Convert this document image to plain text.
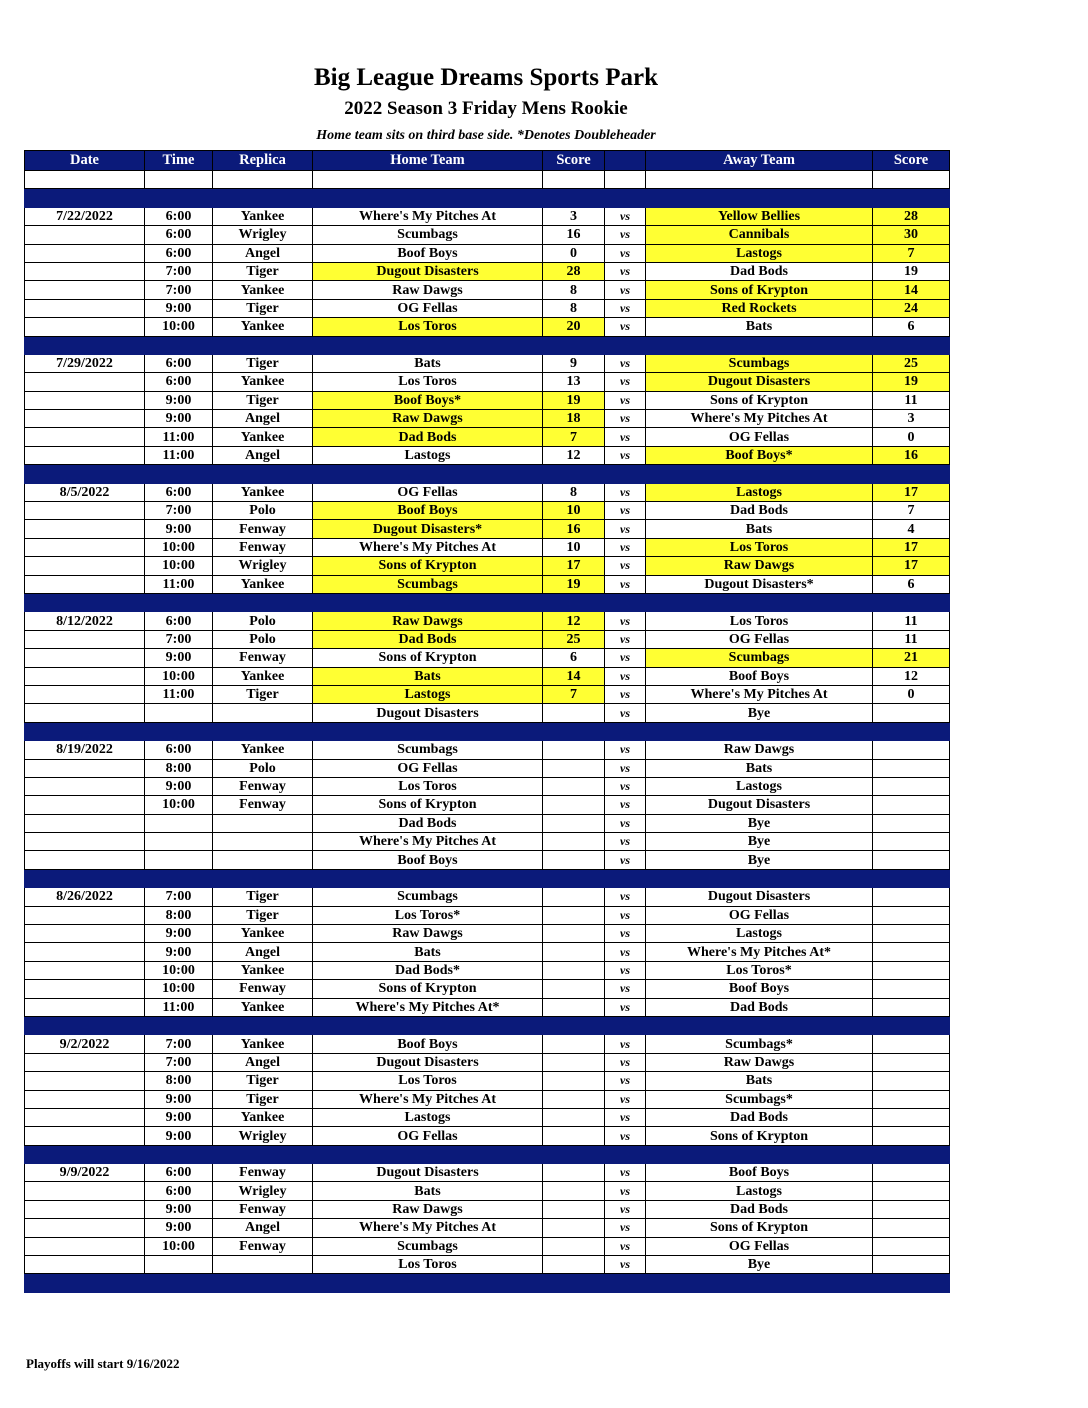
Big League Dreams Sports Park
2022 Season 3 Friday Mens Rookie
Home team sits on third base side. *Denotes Doubleheader
Date	Time	Replica	Home Team	Score		Away Team	Score

7/22/2022	6:00	Yankee	Where's My Pitches At	3	vs	Yellow Bellies	28
	6:00	Wrigley	Scumbags	16	vs	Cannibals	30
	6:00	Angel	Boof Boys	0	vs	Lastogs	7
	7:00	Tiger	Dugout Disasters	28	vs	Dad Bods	19
	7:00	Yankee	Raw Dawgs	8	vs	Sons of Krypton	14
	9:00	Tiger	OG Fellas	8	vs	Red Rockets	24
	10:00	Yankee	Los Toros	20	vs	Bats	6

7/29/2022	6:00	Tiger	Bats	9	vs	Scumbags	25
	6:00	Yankee	Los Toros	13	vs	Dugout Disasters	19
	9:00	Tiger	Boof Boys*	19	vs	Sons of Krypton	11
	9:00	Angel	Raw Dawgs	18	vs	Where's My Pitches At	3
	11:00	Yankee	Dad Bods	7	vs	OG Fellas	0
	11:00	Angel	Lastogs	12	vs	Boof Boys*	16

8/5/2022	6:00	Yankee	OG Fellas	8	vs	Lastogs	17
	7:00	Polo	Boof Boys	10	vs	Dad Bods	7
	9:00	Fenway	Dugout Disasters*	16	vs	Bats	4
	10:00	Fenway	Where's My Pitches At	10	vs	Los Toros	17
	10:00	Wrigley	Sons of Krypton	17	vs	Raw Dawgs	17
	11:00	Yankee	Scumbags	19	vs	Dugout Disasters*	6

8/12/2022	6:00	Polo	Raw Dawgs	12	vs	Los Toros	11
	7:00	Polo	Dad Bods	25	vs	OG Fellas	11
	9:00	Fenway	Sons of Krypton	6	vs	Scumbags	21
	10:00	Yankee	Bats	14	vs	Boof Boys	12
	11:00	Tiger	Lastogs	7	vs	Where's My Pitches At	0
			Dugout Disasters		vs	Bye	

8/19/2022	6:00	Yankee	Scumbags		vs	Raw Dawgs	
	8:00	Polo	OG Fellas		vs	Bats	
	9:00	Fenway	Los Toros		vs	Lastogs	
	10:00	Fenway	Sons of Krypton		vs	Dugout Disasters	
			Dad Bods		vs	Bye	
			Where's My Pitches At		vs	Bye	
			Boof Boys		vs	Bye	

8/26/2022	7:00	Tiger	Scumbags		vs	Dugout Disasters	
	8:00	Tiger	Los Toros*		vs	OG Fellas	
	9:00	Yankee	Raw Dawgs		vs	Lastogs	
	9:00	Angel	Bats		vs	Where's My Pitches At*	
	10:00	Yankee	Dad Bods*		vs	Los Toros*	
	10:00	Fenway	Sons of Krypton		vs	Boof Boys	
	11:00	Yankee	Where's My Pitches At*		vs	Dad Bods	

9/2/2022	7:00	Yankee	Boof Boys		vs	Scumbags*	
	7:00	Angel	Dugout Disasters		vs	Raw Dawgs	
	8:00	Tiger	Los Toros		vs	Bats	
	9:00	Tiger	Where's My Pitches At		vs	Scumbags*	
	9:00	Yankee	Lastogs		vs	Dad Bods	
	9:00	Wrigley	OG Fellas		vs	Sons of Krypton	

9/9/2022	6:00	Fenway	Dugout Disasters		vs	Boof Boys	
	6:00	Wrigley	Bats		vs	Lastogs	
	9:00	Fenway	Raw Dawgs		vs	Dad Bods	
	9:00	Angel	Where's My Pitches At		vs	Sons of Krypton	
	10:00	Fenway	Scumbags		vs	OG Fellas	
			Los Toros		vs	Bye	

Playoffs will start 9/16/2022
